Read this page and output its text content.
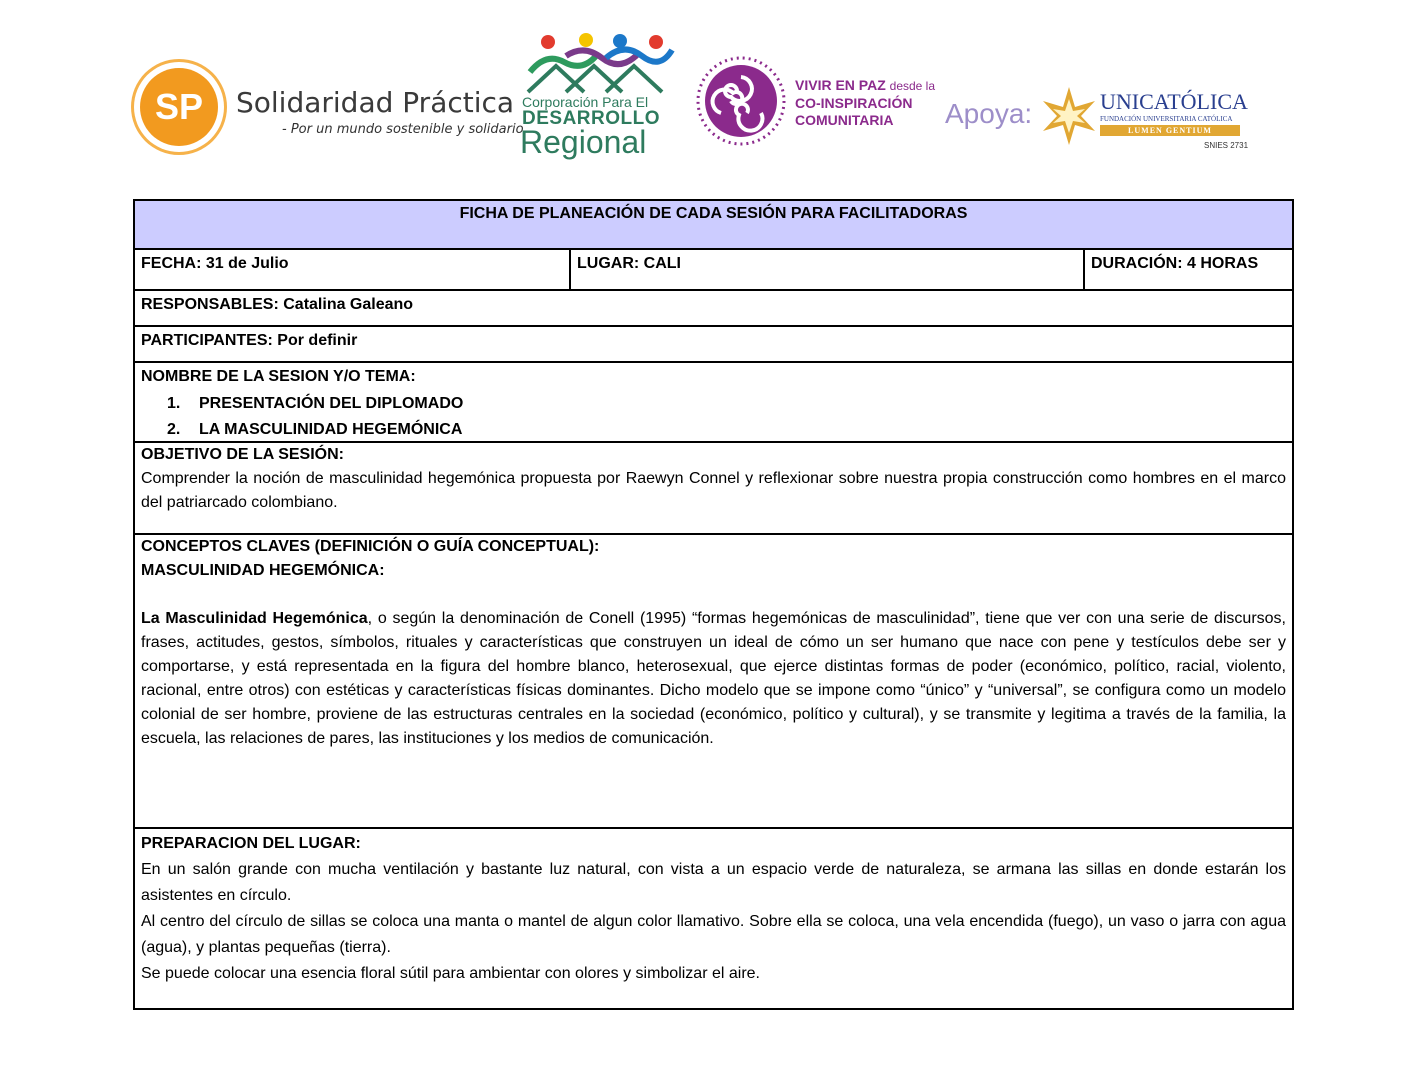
SP	Solidaridad Práctica
- Por un mundo sostenible y solidario
Corporación Para El
DESARROLLO
Regional
VIVIR EN PAZ desde la
CO-INSPIRACIÓN
COMUNITARIA	Apoya:	UNICATÓLICA
FUNDACIÓN UNIVERSITARIA CATÓLICA
LUMEN GENTIUM
SNIES 2731
FICHA DE PLANEACIÓN DE CADA SESIÓN PARA FACILITADORAS
FECHA: 31 de Julio	LUGAR: CALI	DURACIÓN: 4 HORAS
RESPONSABLES: Catalina Galeano
PARTICIPANTES: Por definir
NOMBRE DE LA SESION Y/O TEMA:
1. PRESENTACIÓN DEL DIPLOMADO
2. LA MASCULINIDAD HEGEMÓNICA
OBJETIVO DE LA SESIÓN:
Comprender la noción de masculinidad hegemónica propuesta por Raewyn Connel y reflexionar sobre nuestra propia construcción como hombres en el marco del patriarcado colombiano.
CONCEPTOS CLAVES (DEFINICIÓN O GUÍA CONCEPTUAL):
MASCULINIDAD HEGEMÓNICA:
La Masculinidad Hegemónica, o según la denominación de Conell (1995) “formas hegemónicas de masculinidad”, tiene que ver con una serie de discursos, frases, actitudes, gestos, símbolos, rituales y características que construyen un ideal de cómo un ser humano que nace con pene y testículos debe ser y comportarse, y está representada en la figura del hombre blanco, heterosexual, que ejerce distintas formas de poder (económico, político, racial, violento, racional, entre otros) con estéticas y características físicas dominantes. Dicho modelo que se impone como “único” y “universal”, se configura como un modelo colonial de ser hombre, proviene de las estructuras centrales en la sociedad (económico, político y cultural), y se transmite y legitima a través de la familia, la escuela, las relaciones de pares, las instituciones y los medios de comunicación.
PREPARACION DEL LUGAR:
En un salón grande con mucha ventilación y bastante luz natural, con vista a un espacio verde de naturaleza, se armana las sillas en donde estarán los asistentes en círculo.
Al centro del círculo de sillas se coloca una manta o mantel de algun color llamativo. Sobre ella se coloca, una vela encendida (fuego), un vaso o jarra con agua (agua), y plantas pequeñas (tierra).
Se puede colocar una esencia floral sútil para ambientar con olores y simbolizar el aire.
